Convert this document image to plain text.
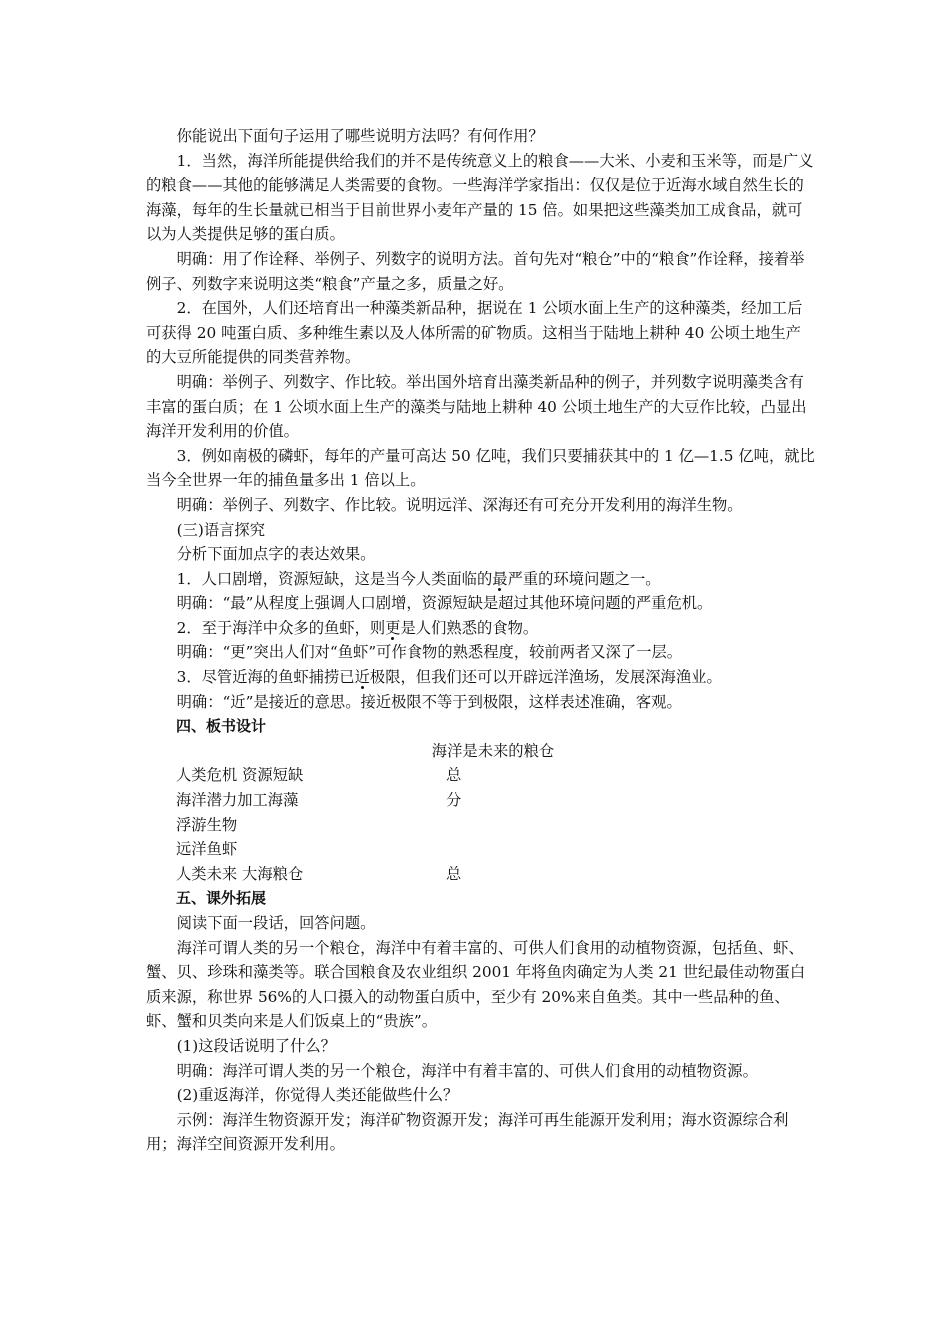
你能说出下面句子运用了哪些说明方法吗？有何作用？

1．当然，海洋所能提供给我们的并不是传统意义上的粮食——大米、小麦和玉米等，而是广义的粮食——其他的能够满足人类需要的食物。一些海洋学家指出：仅仅是位于近海水域自然生长的海藻，每年的生长量就已相当于目前世界小麦年产量的 15 倍。如果把这些藻类加工成食品，就可以为人类提供足够的蛋白质。

明确：用了作诠释、举例子、列数字的说明方法。首句先对“粮仓”中的“粮食”作诠释，接着举例子、列数字来说明这类“粮食”产量之多，质量之好。

2．在国外，人们还培育出一种藻类新品种，据说在 1 公顷水面上生产的这种藻类，经加工后可获得 20 吨蛋白质、多种维生素以及人体所需的矿物质。这相当于陆地上耕种 40 公顷土地生产的大豆所能提供的同类营养物。

明确：举例子、列数字、作比较。举出国外培育出藻类新品种的例子，并列数字说明藻类含有丰富的蛋白质；在 1 公顷水面上生产的藻类与陆地上耕种 40 公顷土地生产的大豆作比较，凸显出海洋开发利用的价值。

3．例如南极的磷虾，每年的产量可高达 50 亿吨，我们只要捕获其中的 1 亿—1.5 亿吨，就比当今全世界一年的捕鱼量多出 1 倍以上。

明确：举例子、列数字、作比较。说明远洋、深海还有可充分开发利用的海洋生物。

(三)语言探究

分析下面加点字的表达效果。

1．人口剧增，资源短缺，这是当今人类面临的最严重的环境问题之一。

明确：“最”从程度上强调人口剧增，资源短缺是超过其他环境问题的严重危机。

2．至于海洋中众多的鱼虾，则更是人们熟悉的食物。

明确：“更”突出人们对“鱼虾”可作食物的熟悉程度，较前两者又深了一层。

3．尽管近海的鱼虾捕捞已近极限，但我们还可以开辟远洋渔场，发展深海渔业。

明确：“近”是接近的意思。接近极限不等于到极限，这样表述准确，客观。

四、板书设计

海洋是未来的粮仓

人类危机 资源短缺	总
海洋潜力加工海藻	分
浮游生物
远洋鱼虾
人类未来 大海粮仓	总

五、课外拓展

阅读下面一段话，回答问题。

海洋可谓人类的另一个粮仓，海洋中有着丰富的、可供人们食用的动植物资源，包括鱼、虾、蟹、贝、珍珠和藻类等。联合国粮食及农业组织 2001 年将鱼肉确定为人类 21 世纪最佳动物蛋白质来源，称世界 56%的人口摄入的动物蛋白质中，至少有 20%来自鱼类。其中一些品种的鱼、虾、蟹和贝类向来是人们饭桌上的“贵族”。

(1)这段话说明了什么？

明确：海洋可谓人类的另一个粮仓，海洋中有着丰富的、可供人们食用的动植物资源。

(2)重返海洋，你觉得人类还能做些什么？

示例：海洋生物资源开发；海洋矿物资源开发；海洋可再生能源开发利用；海水资源综合利用；海洋空间资源开发利用。
